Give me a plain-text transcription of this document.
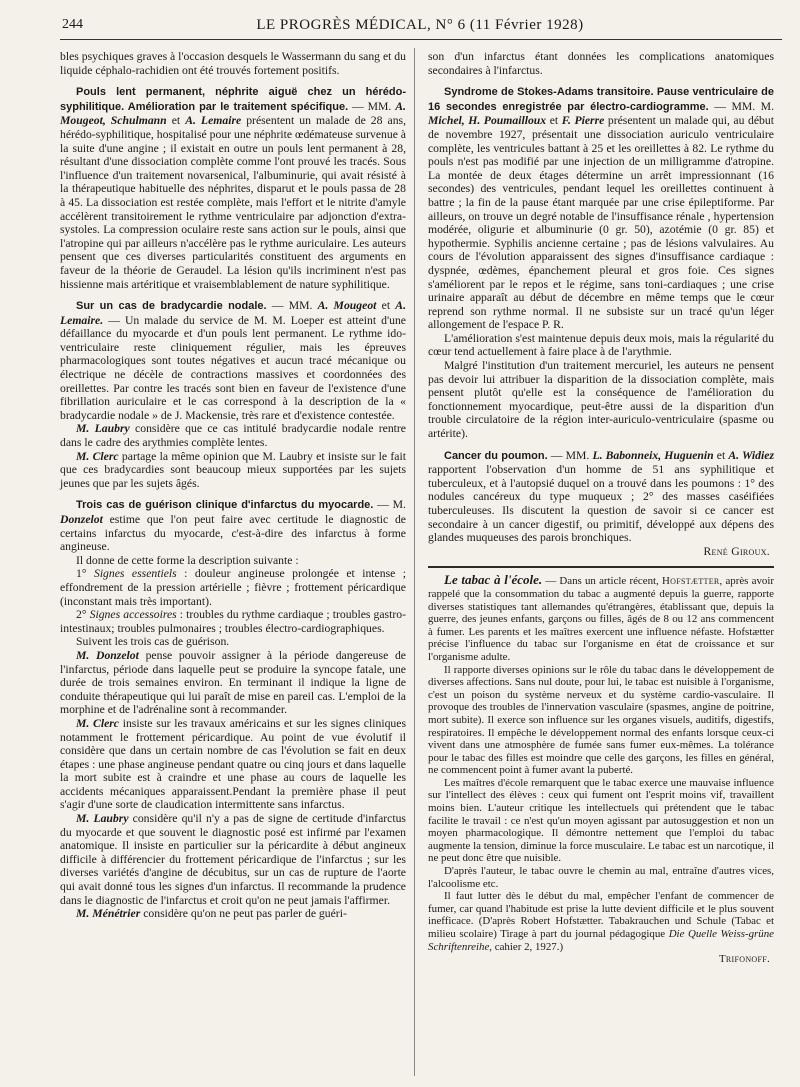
244	LE PROGRÈS MÉDICAL, N° 6 (11 Février 1928)

bles psychiques graves à l'occasion desquels le Wassermann du sang et du liquide céphalo-rachidien ont été trouvés fortement positifs.

Pouls lent permanent, néphrite aiguë chez un hérédo-syphilitique. Amélioration par le traitement spécifique. — MM. A. Mougeot, Schulmann et A. Lemaire présentent un malade de 28 ans, hérédo-syphilitique, hospitalisé pour une néphrite œdémateuse survenue à la suite d'une angine ; il existait en outre un pouls lent permanent à 28, résultant d'une dissociation complète comme l'ont prouvé les tracés. Sous l'influence d'un traitement novarsenical, l'albuminurie, qui avait résisté à la thérapeutique habituelle des néphrites, disparut et le pouls passa de 28 à 45. La dissociation est restée complète, mais l'effort et le nitrite d'amyle accélèrent transitoirement le rythme ventriculaire par adjonction d'extra-systoles. La compression oculaire reste sans action sur le pouls, ainsi que l'atropine qui par ailleurs n'accélère pas le rythme auriculaire. Les auteurs pensent que ces diverses particularités constituent des arguments en faveur de la théorie de Geraudel. La lésion qu'ils incriminent n'est pas hissienne mais artéritique et vraisemblablement de nature syphilitique.

Sur un cas de bradycardie nodale. — MM. A. Mougeot et A. Lemaire. — Un malade du service de M. M. Loeper est atteint d'une défaillance du myocarde et d'un pouls lent permanent. Le rythme ido-ventriculaire reste cliniquement régulier, mais les épreuves pharmacologiques sont toutes négatives et aucun tracé mécanique ou électrique ne décèle de contractions massives et coordonnées des oreillettes. Par contre les tracés sont bien en faveur de l'existence d'une fibrillation auriculaire et le cas correspond à la description de la « bradycardie nodale » de J. Mackensie, très rare et d'existence contestée.

M. Laubry considère que ce cas intitulé bradycardie nodale rentre dans le cadre des arythmies complète lentes.

M. Clerc partage la même opinion que M. Laubry et insiste sur le fait que ces bradycardies sont beaucoup mieux supportées par les sujets jeunes que par les sujets âgés.

Trois cas de guérison clinique d'infarctus du myocarde. — M. Donzelot estime que l'on peut faire avec certitude le diagnostic de certains infarctus du myocarde, c'est-à-dire des infarctus à forme angineuse.

Il donne de cette forme la description suivante :

1° Signes essentiels : douleur angineuse prolongée et intense ; effondrement de la pression artérielle ; fièvre ; frottement péricardique (inconstant mais très important).

2° Signes accessoires : troubles du rythme cardiaque ; troubles gastro-intestinaux; troubles pulmonaires ; troubles électro-cardiographiques.

Suivent les trois cas de guérison.

M. Donzelot pense pouvoir assigner à la période dangereuse de l'infarctus, période dans laquelle peut se produire la syncope fatale, une durée de trois semaines environ. En terminant il indique la ligne de conduite thérapeutique qui lui paraît de mise en pareil cas. L'emploi de la morphine et de l'adrénaline sont à recommander.

M. Clerc insiste sur les travaux américains et sur les signes cliniques notamment le frottement péricardique. Au point de vue évolutif il considère que dans un certain nombre de cas l'évolution se fait en deux étapes : une phase angineuse pendant quatre ou cinq jours et dans laquelle la mort subite est à craindre et une phase au cours de laquelle les accidents mécaniques apparaissent.Pendant la première phase il peut s'agir d'une sorte de claudication intermittente sans infarctus.

M. Laubry considère qu'il n'y a pas de signe de certitude d'infarctus du myocarde et que souvent le diagnostic posé est infirmé par l'examen anatomique. Il insiste en particulier sur la péricardite à début angineux difficile à différencier du frottement péricardique de l'infarctus ; sur les diverses variétés d'angine de décubitus, sur un cas de rupture de l'aorte qui avait donné tous les signes d'un infarctus. Il recommande la prudence dans le diagnostic de l'infarctus et croit qu'on ne peut jamais l'affirmer.

M. Ménétrier considère qu'on ne peut pas parler de guéri-

son d'un infarctus étant données les complications anatomiques secondaires à l'infarctus.

Syndrome de Stokes-Adams transitoire. Pause ventriculaire de 16 secondes enregistrée par électro-cardiogramme. — MM. M. Michel, H. Poumailloux et F. Pierre présentent un malade qui, au début de novembre 1927, présentait une dissociation auriculo ventriculaire complète, les ventricules battant à 25 et les oreillettes à 82. Le rythme du pouls n'est pas modifié par une injection de un milligramme d'atropine. La montée de deux étages détermine un arrêt impressionnant (16 secondes) des ventricules, pendant lequel les oreillettes continuent à battre ; la fin de la pause étant marquée par une crise épileptiforme. Par ailleurs, on trouve un degré notable de l'insuffisance rénale , hypertension modérée, oligurie et albuminurie (0 gr. 50), azotémie (0 gr. 85) et hypothermie. Syphilis ancienne certaine ; pas de lésions valvulaires. Au cours de l'évolution apparaissent des signes d'insuffisance cardiaque : dyspnée, œdèmes, épanchement pleural et gros foie. Ces signes s'améliorent par le repos et le régime, sans toni-cardiaques ; une crise urinaire apparaît au début de décembre en même temps que le cœur reprend son rythme normal. Il ne subsiste sur un tracé qu'un léger allongement de l'espace P. R.

L'amélioration s'est maintenue depuis deux mois, mais la régularité du cœur tend actuellement à faire place à de l'arythmie.

Malgré l'institution d'un traitement mercuriel, les auteurs ne pensent pas devoir lui attribuer la disparition de la dissociation complète, mais pensent plutôt qu'elle est la conséquence de l'amélioration du fonctionnement myocardique, peut-être aussi de la disparition d'un trouble circulatoire de la région inter-auriculo-ventriculaire (spasme ou artérite).

Cancer du poumon. — MM. L. Babonneix, Huguenin et A. Widiez rapportent l'observation d'un homme de 51 ans syphilitique et tuberculeux, et à l'autopsié duquel on a trouvé dans les poumons : 1° des nodules cancéreux du type muqueux ; 2° des masses caséifiées tuberculeuses. Ils discutent la question de savoir si ce cancer est secondaire à un cancer digestif, ou primitif, développé aux dépens des glandes muqueuses des parois bronchiques.

René Giroux.

Le tabac à l'école. — Dans un article récent, Hofstætter, après avoir rappelé que la consommation du tabac a augmenté depuis la guerre, rapporte diverses statistiques tant allemandes qu'étrangères, établissant que, depuis la guerre, des jeunes enfants, garçons ou filles, âgés de 8 ou 12 ans commencent à fumer. Les parents et les maîtres exercent une influence néfaste. Hofstætter précise l'influence du tabac sur l'organisme en état de croissance et sur l'organisme adulte.

Il rapporte diverses opinions sur le rôle du tabac dans le développement de diverses affections. Sans nul doute, pour lui, le tabac est nuisible à l'organisme, c'est un poison du système nerveux et du système cardio-vasculaire. Il provoque des troubles de l'innervation vasculaire (spasmes, angine de poitrine, mort subite). Il exerce son influence sur les organes visuels, auditifs, digestifs, respiratoires. Il empêche le développement normal des enfants lorsque ceux-ci vivent dans une atmosphère de fumée sans fumer eux-mêmes. La tolérance pour le tabac des filles est moindre que celle des garçons, les filles en général, ne commencent point à fumer avant la puberté.

Les maîtres d'école remarquent que le tabac exerce une mauvaise influence sur l'intellect des élèves : ceux qui fument ont l'esprit moins vif, travaillent moins bien. L'auteur critique les intellectuels qui prétendent que le tabac facilite le travail : ce n'est qu'un moyen agissant par autosuggestion et non un moyen pharmacologique. Il démontre nettement que l'emploi du tabac augmente la tension, diminue la force musculaire. Le tabac est un narcotique, il ne peut donc être que nuisible.

D'après l'auteur, le tabac ouvre le chemin au mal, entraîne d'autres vices, l'alcoolisme etc.

Il faut lutter dès le début du mal, empêcher l'enfant de commencer de fumer, car quand l'habitude est prise la lutte devient difficile et le plus souvent inefficace. (D'après Robert Hofstætter. Tabakrauchen und Schule (Tabac et milieu scolaire) Tirage à part du journal pédagogique Die Quelle Weiss-grüne Schriftenreihe, cahier 2, 1927.)

Trifonoff.
